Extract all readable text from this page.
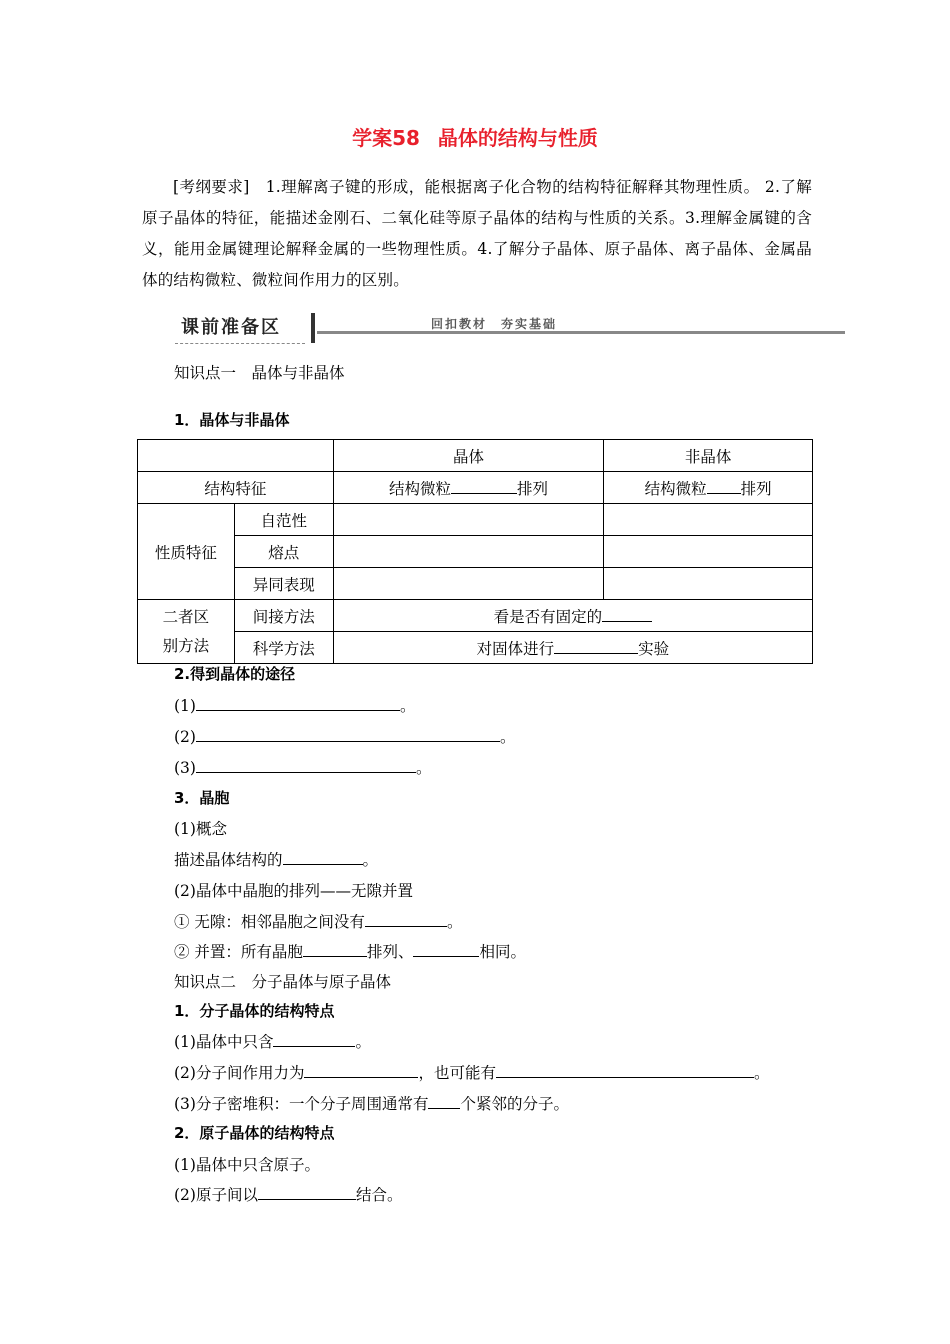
学案58 晶体的结构与性质
[考纲要求]　1.理解离子键的形成，能根据离子化合物的结构特征解释其物理性质。 2.了解原子晶体的特征，能描述金刚石、二氧化硅等原子晶体的结构与性质的关系。3.理解金属键的含义，能用金属键理论解释金属的一些物理性质。4.了解分子晶体、原子晶体、离子晶体、金属晶体的结构微粒、微粒间作用力的区别。
课前准备区	回扣教材　夯实基础
知识点一　晶体与非晶体
1．晶体与非晶体
		晶体	非晶体
结构特征		结构微粒 排列	结构微粒 排列
性质特征	自范性		
	熔点		
	异同表现		
二者区
别方法	间接方法	看是否有固定的	
	科学方法	对固体进行 实验	
2.得到晶体的途径
(1)	。
(2)	。
(3)	。
3．晶胞
(1)概念
描述晶体结构的	。
(2)晶体中晶胞的排列——无隙并置
① 无隙：相邻晶胞之间没有	。
② 并置：所有晶胞	排列、	相同。
知识点二　分子晶体与原子晶体
1．分子晶体的结构特点
(1)晶体中只含	。
(2)分子间作用力为	，也可能有	。
(3)分子密堆积：一个分子周围通常有 个紧邻的分子。
2．原子晶体的结构特点
(1)晶体中只含原子。
(2)原子间以	结合。
